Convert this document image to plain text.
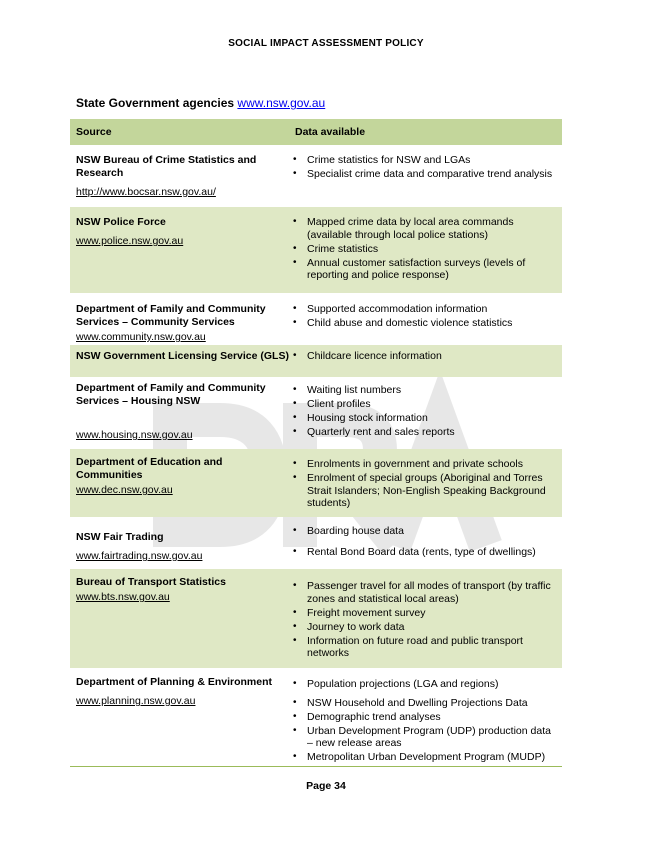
SOCIAL IMPACT ASSESSMENT POLICY
State Government agencies www.nsw.gov.au
Source	Data available
NSW Bureau of Crime Statistics and Research
http://www.bocsar.nsw.gov.au/
• Crime statistics for NSW and LGAs
• Specialist crime data and comparative trend analysis
NSW Police Force
www.police.nsw.gov.au
• Mapped crime data by local area commands (available through local police stations)
• Crime statistics
• Annual customer satisfaction surveys (levels of reporting and police response)
Department of Family and Community Services – Community Services
www.community.nsw.gov.au
• Supported accommodation information
• Child abuse and domestic violence statistics
NSW Government Licensing Service (GLS)
•	Childcare licence information
Department of Family and Community Services – Housing NSW
www.housing.nsw.gov.au
• Waiting list numbers
• Client profiles
• Housing stock information
• Quarterly rent and sales reports
Department of Education and Communities
www.dec.nsw.gov.au
• Enrolments in government and private schools
• Enrolment of special groups (Aboriginal and Torres Strait Islanders; Non-English Speaking Background students)
NSW Fair Trading
www.fairtrading.nsw.gov.au
• Boarding house data
• Rental Bond Board data (rents, type of dwellings)
Bureau of Transport Statistics
www.bts.nsw.gov.au
• Passenger travel for all modes of transport (by traffic zones and statistical local areas)
• Freight movement survey
• Journey to work data
• Information on future road and public transport networks
Department of Planning & Environment
www.planning.nsw.gov.au
• Population projections (LGA and regions)
• NSW Household and Dwelling Projections Data
• Demographic trend analyses
• Urban Development Program (UDP) production data – new release areas
• Metropolitan Urban Development Program (MUDP)
Page 34
